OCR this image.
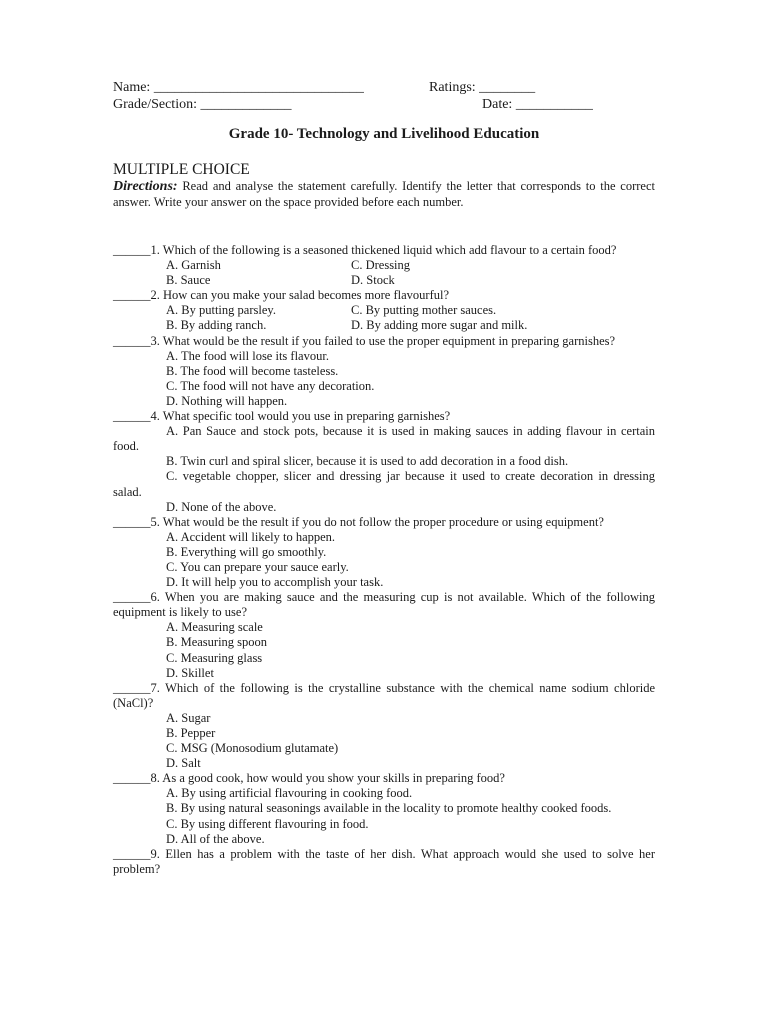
Name: ______________________________	Ratings: ________
Grade/Section: _____________	Date: ___________
Grade 10- Technology and Livelihood Education
MULTIPLE CHOICE
Directions: Read and analyse the statement carefully. Identify the letter that corresponds to the correct answer. Write your answer on the space provided before each number.
______1. Which of the following is a seasoned thickened liquid which add flavour to a certain food?
A. Garnish	C. Dressing
B. Sauce	D. Stock
______2. How can you make your salad becomes more flavourful?
A. By putting parsley.	C. By putting mother sauces.
B. By adding ranch.	D. By adding more sugar and milk.
______3. What would be the result if you failed to use the proper equipment in preparing garnishes?
A. The food will lose its flavour.
B. The food will become tasteless.
C. The food will not have any decoration.
D. Nothing will happen.
______4. What specific tool would you use in preparing garnishes?
A. Pan Sauce and stock pots, because it is used in making sauces in adding flavour in certain food.
B. Twin curl and spiral slicer, because it is used to add decoration in a food dish.
C. vegetable chopper, slicer and dressing jar because it used to create decoration in dressing salad.
D. None of the above.
______5. What would be the result if you do not follow the proper procedure or using equipment?
A. Accident will likely to happen.
B. Everything will go smoothly.
C. You can prepare your sauce early.
D. It will help you to accomplish your task.
______6. When you are making sauce and the measuring cup is not available. Which of the following equipment is likely to use?
A. Measuring scale
B. Measuring spoon
C. Measuring glass
D. Skillet
______7. Which of the following is the crystalline substance with the chemical name sodium chloride (NaCl)?
A. Sugar
B. Pepper
C. MSG (Monosodium glutamate)
D. Salt
______8. As a good cook, how would you show your skills in preparing food?
A. By using artificial flavouring in cooking food.
B. By using natural seasonings available in the locality to promote healthy cooked foods.
C. By using different flavouring in food.
D. All of the above.
______9. Ellen has a problem with the taste of her dish. What approach would she used to solve her problem?
